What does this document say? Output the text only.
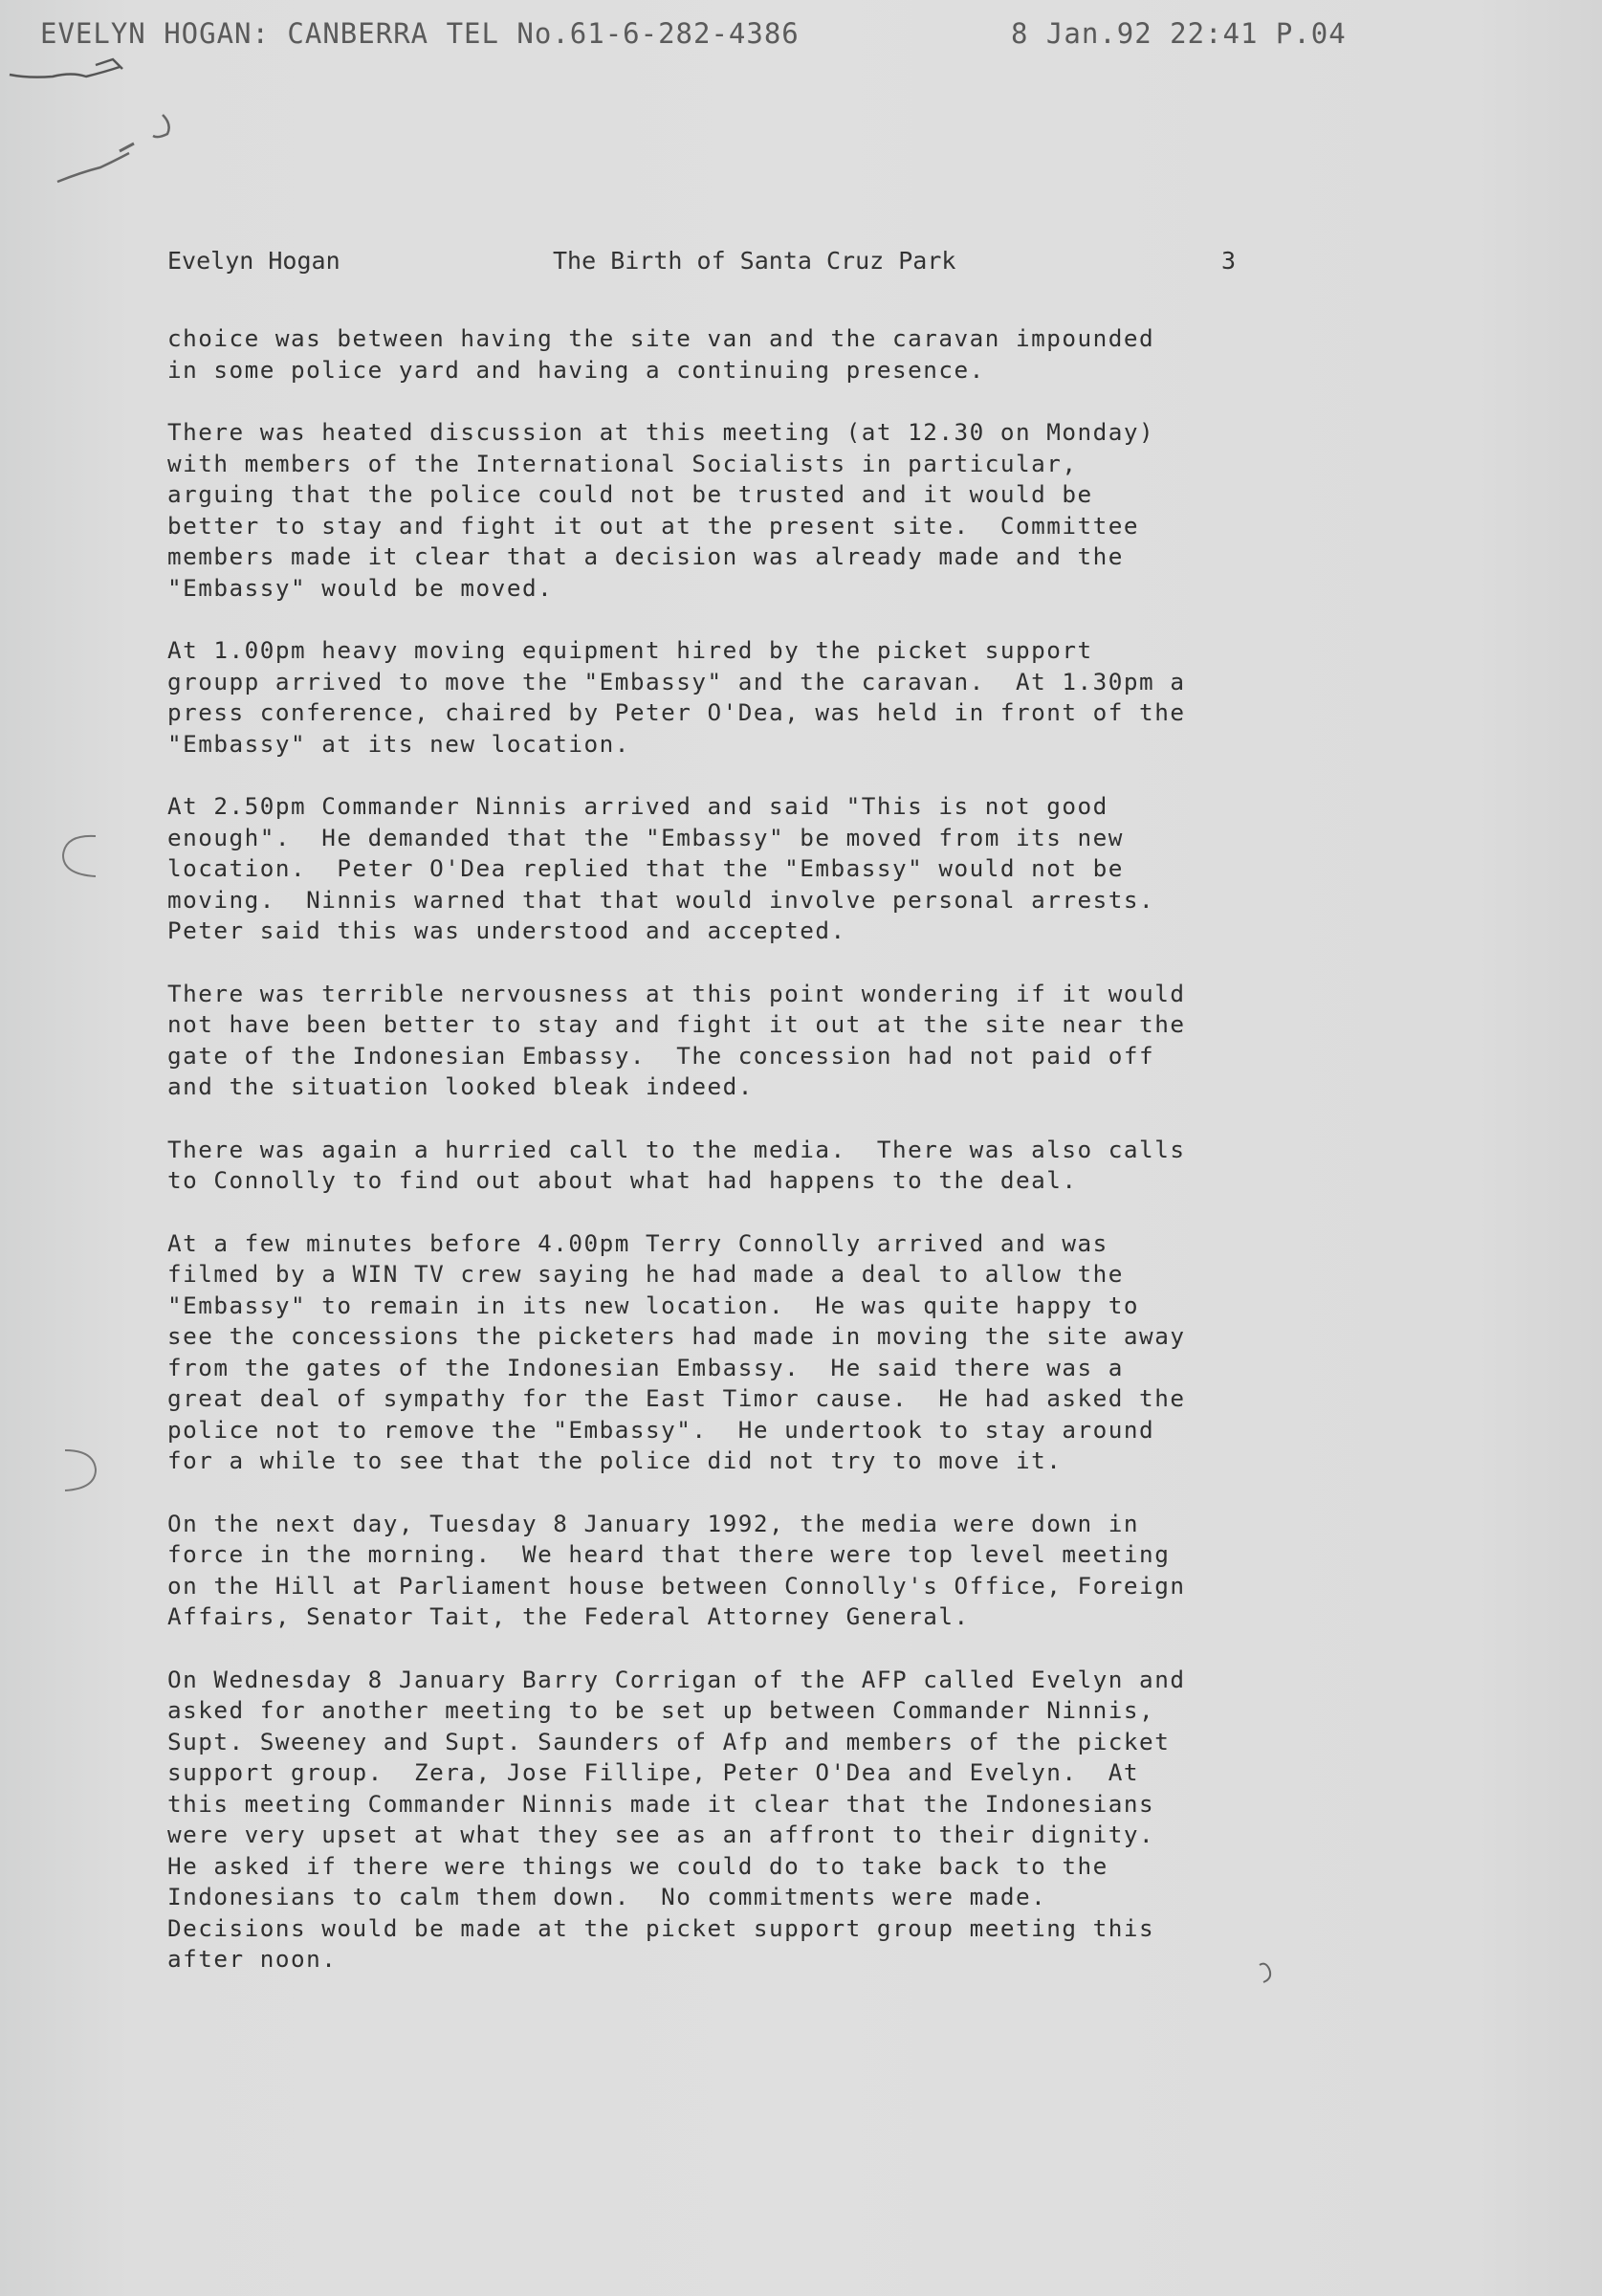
EVELYN HOGAN: CANBERRA TEL No.61-6-282-4386	8 Jan.92 22:41 P.04
Evelyn Hogan	The Birth of Santa Cruz Park	3
choice was between having the site van and the caravan impounded
in some police yard and having a continuing presence.
There was heated discussion at this meeting (at 12.30 on Monday)
with members of the International Socialists in particular,
arguing that the police could not be trusted and it would be
better to stay and fight it out at the present site.  Committee
members made it clear that a decision was already made and the
"Embassy" would be moved.
At 1.00pm heavy moving equipment hired by the picket support
groupp arrived to move the "Embassy" and the caravan.  At 1.30pm a
press conference, chaired by Peter O'Dea, was held in front of the
"Embassy" at its new location.
At 2.50pm Commander Ninnis arrived and said "This is not good
enough".  He demanded that the "Embassy" be moved from its new
location.  Peter O'Dea replied that the "Embassy" would not be
moving.  Ninnis warned that that would involve personal arrests.
Peter said this was understood and accepted.
There was terrible nervousness at this point wondering if it would
not have been better to stay and fight it out at the site near the
gate of the Indonesian Embassy.  The concession had not paid off
and the situation looked bleak indeed.
There was again a hurried call to the media.  There was also calls
to Connolly to find out about what had happens to the deal.
At a few minutes before 4.00pm Terry Connolly arrived and was
filmed by a WIN TV crew saying he had made a deal to allow the
"Embassy" to remain in its new location.  He was quite happy to
see the concessions the picketers had made in moving the site away
from the gates of the Indonesian Embassy.  He said there was a
great deal of sympathy for the East Timor cause.  He had asked the
police not to remove the "Embassy".  He undertook to stay around
for a while to see that the police did not try to move it.
On the next day, Tuesday 8 January 1992, the media were down in
force in the morning.  We heard that there were top level meeting
on the Hill at Parliament house between Connolly's Office, Foreign
Affairs, Senator Tait, the Federal Attorney General.
On Wednesday 8 January Barry Corrigan of the AFP called Evelyn and
asked for another meeting to be set up between Commander Ninnis,
Supt. Sweeney and Supt. Saunders of Afp and members of the picket
support group.  Zera, Jose Fillipe, Peter O'Dea and Evelyn.  At
this meeting Commander Ninnis made it clear that the Indonesians
were very upset at what they see as an affront to their dignity.
He asked if there were things we could do to take back to the
Indonesians to calm them down.  No commitments were made.
Decisions would be made at the picket support group meeting this
after noon.
